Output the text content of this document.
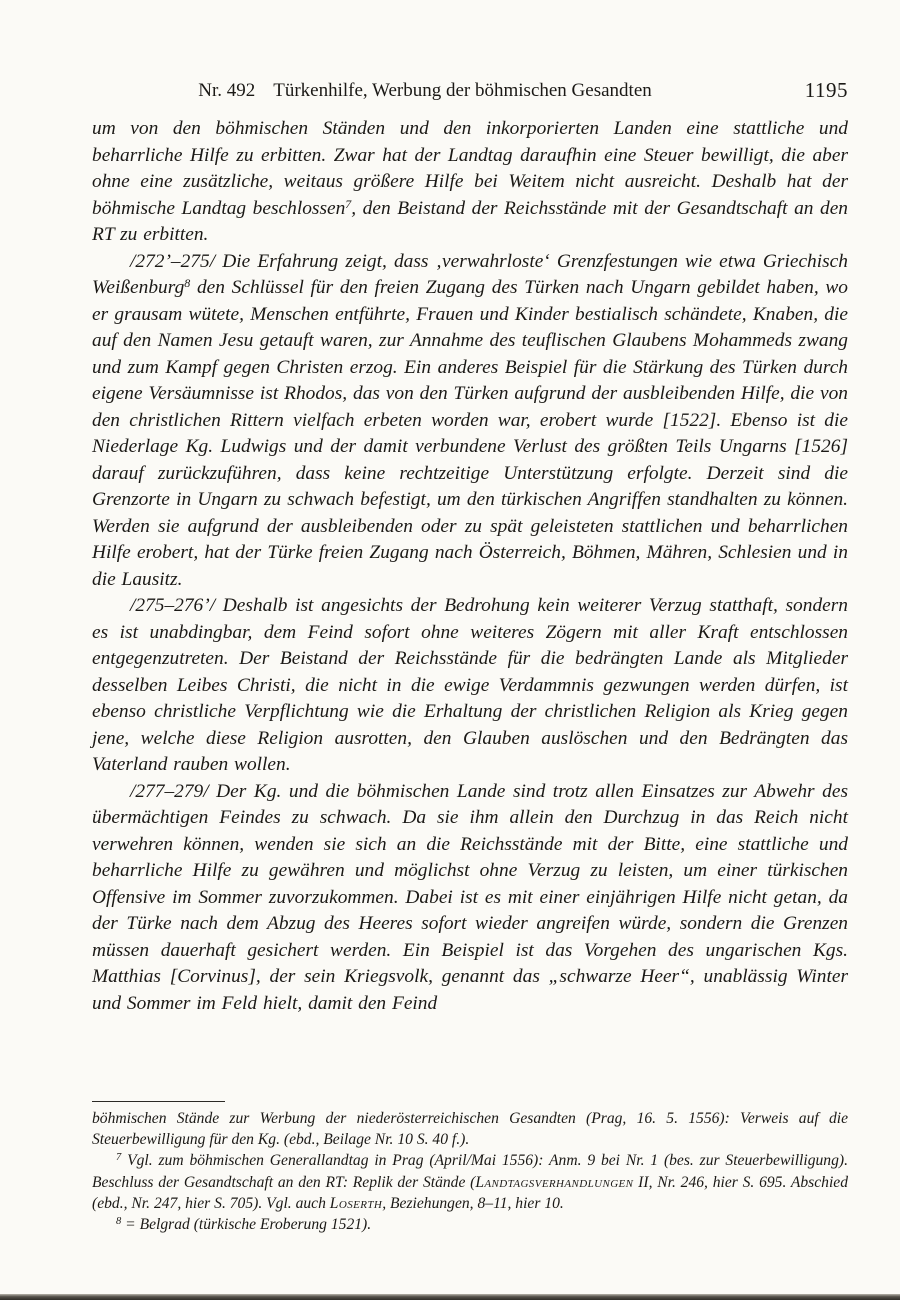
Nr. 492 Türkenhilfe, Werbung der böhmischen Gesandten	1195

um von den böhmischen Ständen und den inkorporierten Landen eine stattliche und beharrliche Hilfe zu erbitten. Zwar hat der Landtag daraufhin eine Steuer bewilligt, die aber ohne eine zusätzliche, weitaus größere Hilfe bei Weitem nicht ausreicht. Deshalb hat der böhmische Landtag beschlossen$^7$, den Beistand der Reichsstände mit der Gesandtschaft an den RT zu erbitten.

/272’–275/ Die Erfahrung zeigt, dass ‚verwahrloste‘ Grenzfestungen wie etwa Griechisch Weißenburg$^8$ den Schlüssel für den freien Zugang des Türken nach Ungarn gebildet haben, wo er grausam wütete, Menschen entführte, Frauen und Kinder bestialisch schändete, Knaben, die auf den Namen Jesu getauft waren, zur Annahme des teuflischen Glaubens Mohammeds zwang und zum Kampf gegen Christen erzog. Ein anderes Beispiel für die Stärkung des Türken durch eigene Versäumnisse ist Rhodos, das von den Türken aufgrund der ausbleibenden Hilfe, die von den christlichen Rittern vielfach erbeten worden war, erobert wurde [1522]. Ebenso ist die Niederlage Kg. Ludwigs und der damit verbundene Verlust des größten Teils Ungarns [1526] darauf zurückzuführen, dass keine rechtzeitige Unterstützung erfolgte. Derzeit sind die Grenzorte in Ungarn zu schwach befestigt, um den türkischen Angriffen standhalten zu können. Werden sie aufgrund der ausbleibenden oder zu spät geleisteten stattlichen und beharrlichen Hilfe erobert, hat der Türke freien Zugang nach Österreich, Böhmen, Mähren, Schlesien und in die Lausitz.

/275–276’/ Deshalb ist angesichts der Bedrohung kein weiterer Verzug statthaft, sondern es ist unabdingbar, dem Feind sofort ohne weiteres Zögern mit aller Kraft entschlossen entgegenzutreten. Der Beistand der Reichsstände für die bedrängten Lande als Mitglieder desselben Leibes Christi, die nicht in die ewige Verdammnis gezwungen werden dürfen, ist ebenso christliche Verpflichtung wie die Erhaltung der christlichen Religion als Krieg gegen jene, welche diese Religion ausrotten, den Glauben auslöschen und den Bedrängten das Vaterland rauben wollen.

/277–279/ Der Kg. und die böhmischen Lande sind trotz allen Einsatzes zur Abwehr des übermächtigen Feindes zu schwach. Da sie ihm allein den Durchzug in das Reich nicht verwehren können, wenden sie sich an die Reichsstände mit der Bitte, eine stattliche und beharrliche Hilfe zu gewähren und möglichst ohne Verzug zu leisten, um einer türkischen Offensive im Sommer zuvorzukommen. Dabei ist es mit einer einjährigen Hilfe nicht getan, da der Türke nach dem Abzug des Heeres sofort wieder angreifen würde, sondern die Grenzen müssen dauerhaft gesichert werden. Ein Beispiel ist das Vorgehen des ungarischen Kgs. Matthias [Corvinus], der sein Kriegsvolk, genannt das „schwarze Heer“, unablässig Winter und Sommer im Feld hielt, damit den Feind

böhmischen Stände zur Werbung der niederösterreichischen Gesandten (Prag, 16. 5. 1556): Verweis auf die Steuerbewilligung für den Kg. (ebd., Beilage Nr. 10 S. 40 f.).

$^7$ Vgl. zum böhmischen Generallandtag in Prag (April/Mai 1556): Anm. 9 bei Nr. 1 (bes. zur Steuerbewilligung). Beschluss der Gesandtschaft an den RT: Replik der Stände (Landtagsverhandlungen II, Nr. 246, hier S. 695. Abschied (ebd., Nr. 247, hier S. 705). Vgl. auch Loserth, Beziehungen, 8–11, hier 10.

$^8$ = Belgrad (türkische Eroberung 1521).
